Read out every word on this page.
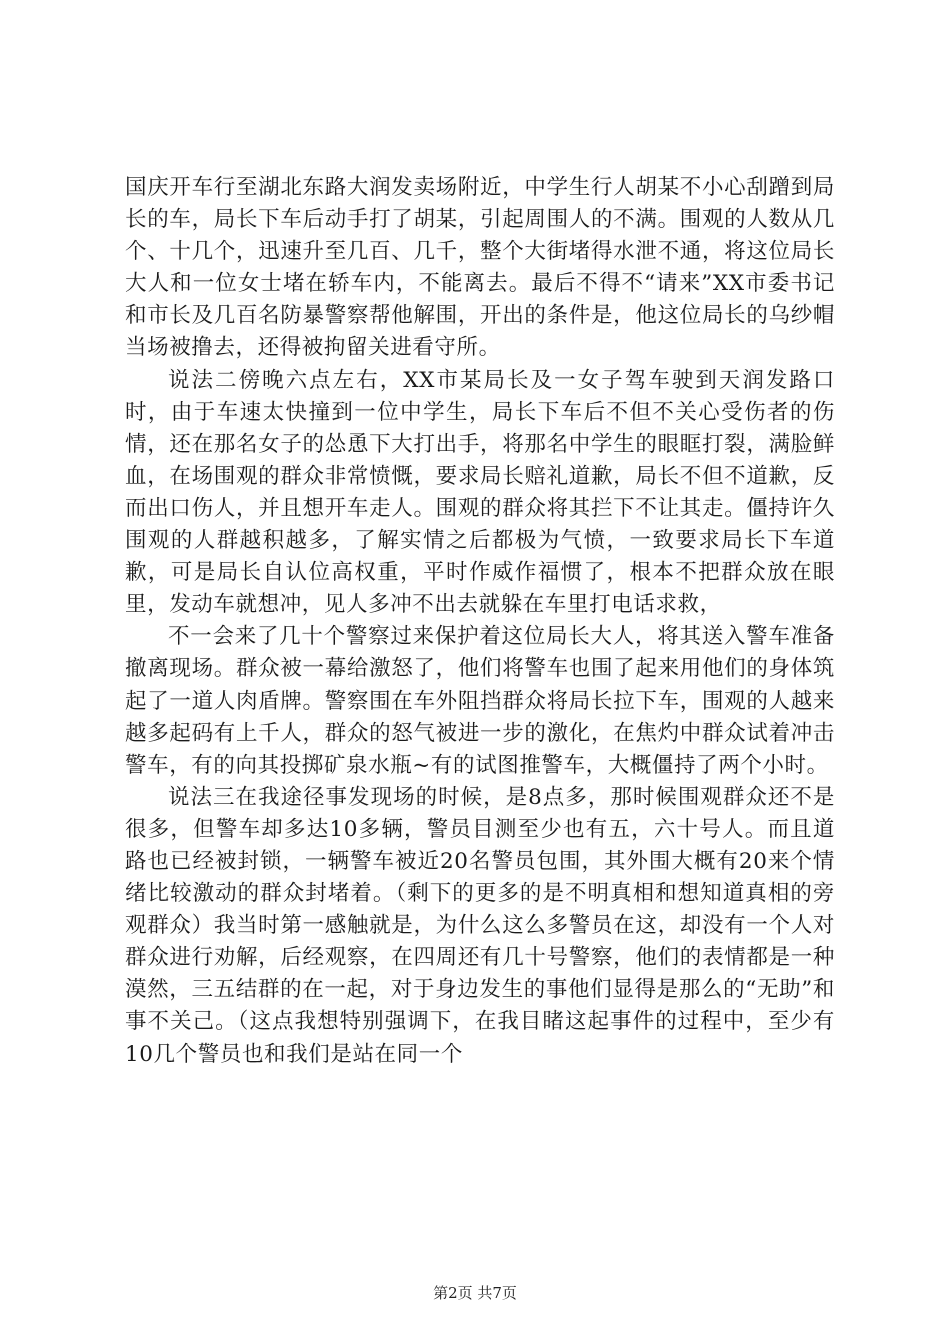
国庆开车行至湖北东路大润发卖场附近，中学生行人胡某不小心刮蹭到局长的车，局长下车后动手打了胡某，引起周围人的不满。围观的人数从几个、十几个，迅速升至几百、几千，整个大街堵得水泄不通，将这位局长大人和一位女士堵在轿车内，不能离去。最后不得不“请来”XX市委书记和市长及几百名防暴警察帮他解围，开出的条件是，他这位局长的乌纱帽当场被撸去，还得被拘留关进看守所。

说法二傍晚六点左右，XX市某局长及一女子驾车驶到天润发路口时，由于车速太快撞到一位中学生，局长下车后不但不关心受伤者的伤情，还在那名女子的怂恿下大打出手，将那名中学生的眼眶打裂，满脸鲜血，在场围观的群众非常愤慨，要求局长赔礼道歉，局长不但不道歉，反而出口伤人，并且想开车走人。围观的群众将其拦下不让其走。僵持许久围观的人群越积越多，了解实情之后都极为气愤，一致要求局长下车道歉，可是局长自认位高权重，平时作威作福惯了，根本不把群众放在眼里，发动车就想冲，见人多冲不出去就躲在车里打电话求救，

不一会来了几十个警察过来保护着这位局长大人，将其送入警车准备撤离现场。群众被一幕给激怒了，他们将警车也围了起来用他们的身体筑起了一道人肉盾牌。警察围在车外阻挡群众将局长拉下车，围观的人越来越多起码有上千人，群众的怒气被进一步的激化，在焦灼中群众试着冲击警车，有的向其投掷矿泉水瓶~有的试图推警车，大概僵持了两个小时。

说法三在我途径事发现场的时候，是8点多，那时候围观群众还不是很多，但警车却多达10多辆，警员目测至少也有五，六十号人。而且道路也已经被封锁，一辆警车被近20名警员包围，其外围大概有20来个情绪比较激动的群众封堵着。（剩下的更多的是不明真相和想知道真相的旁观群众）我当时第一感触就是，为什么这么多警员在这，却没有一个人对群众进行劝解，后经观察，在四周还有几十号警察，他们的表情都是一种漠然，三五结群的在一起，对于身边发生的事他们显得是那么的“无助”和事不关己。（这点我想特别强调下，在我目睹这起事件的过程中，至少有10几个警员也和我们是站在同一个

第2页 共7页
